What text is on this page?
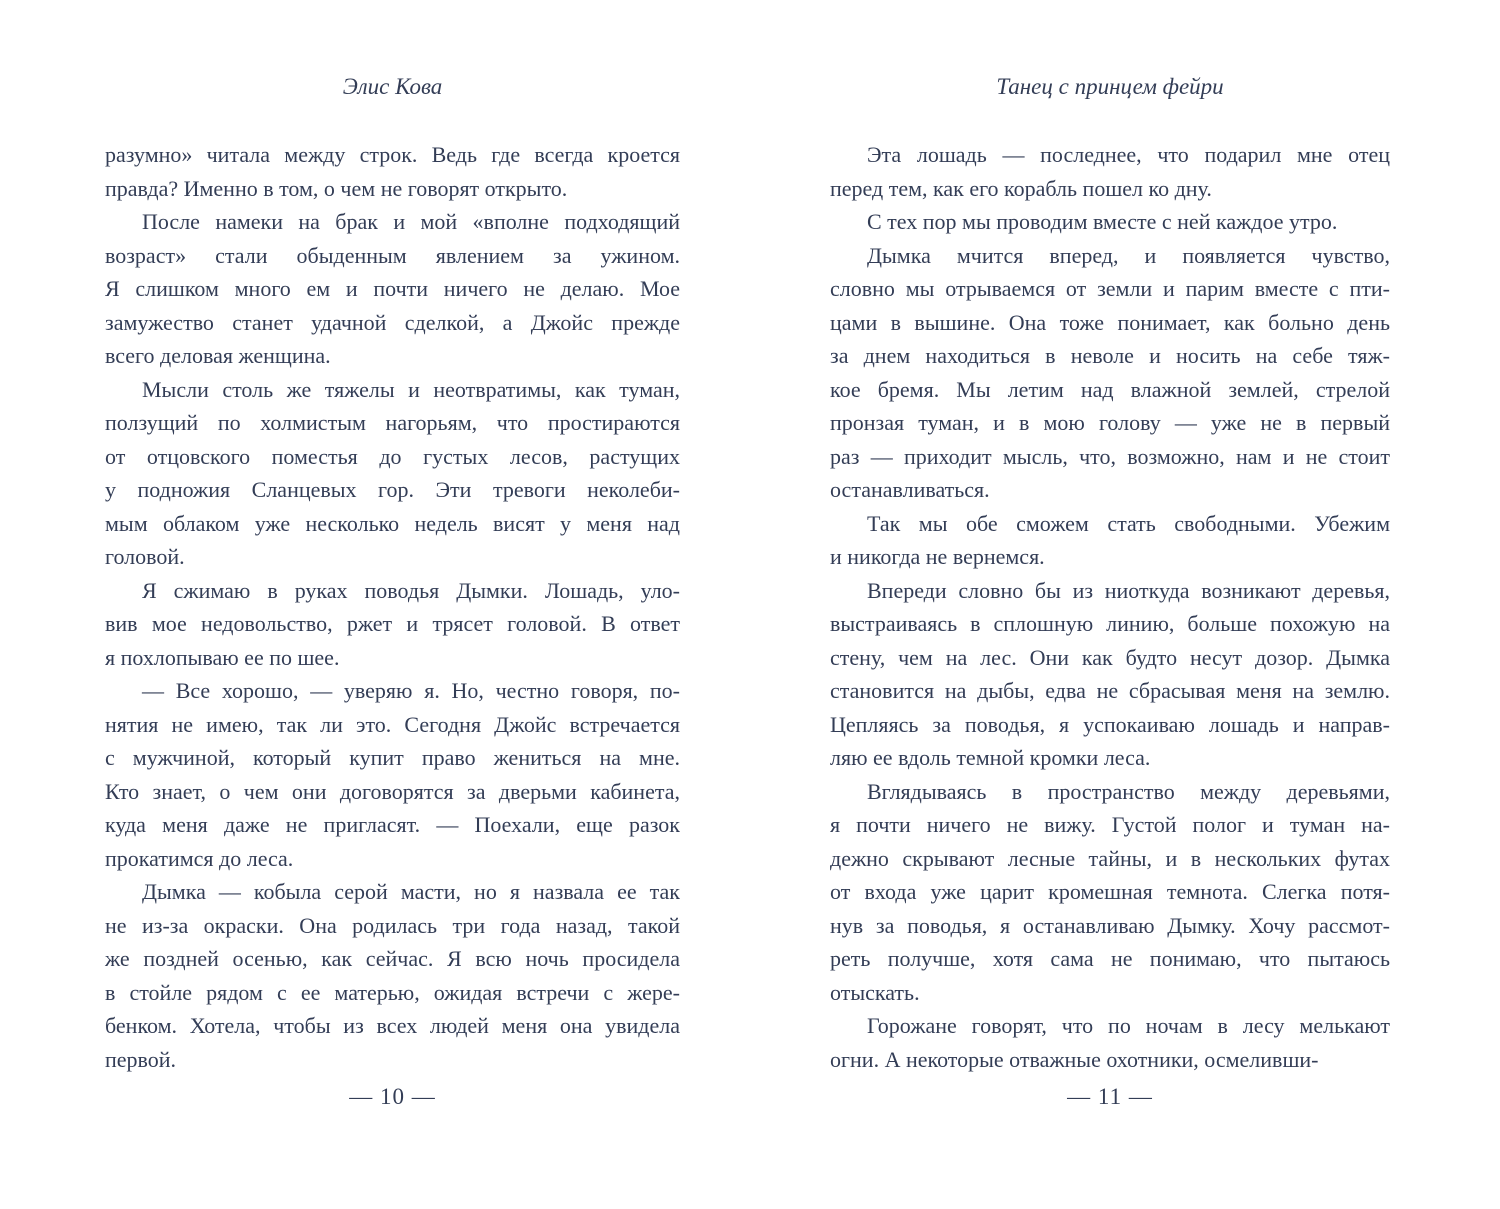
Элис Кова	Танец с принцем фейри
разумно» читала между строк. Ведь где всегда кроется
правда? Именно в том, о чем не говорят открыто.
После намеки на брак и мой «вполне подходящий
возраст» стали обыденным явлением за ужином.
Я слишком много ем и почти ничего не делаю. Мое
замужество станет удачной сделкой, а Джойс прежде
всего деловая женщина.
Мысли столь же тяжелы и неотвратимы, как туман,
ползущий по холмистым нагорьям, что простираются
от отцовского поместья до густых лесов, растущих
у подножия Сланцевых гор. Эти тревоги неколеби-
мым облаком уже несколько недель висят у меня над
головой.
Я сжимаю в руках поводья Дымки. Лошадь, уло-
вив мое недовольство, ржет и трясет головой. В ответ
я похлопываю ее по шее.
— Все хорошо, — уверяю я. Но, честно говоря, по-
нятия не имею, так ли это. Сегодня Джойс встречается
с мужчиной, который купит право жениться на мне.
Кто знает, о чем они договорятся за дверьми кабинета,
куда меня даже не пригласят. — Поехали, еще разок
прокатимся до леса.
Дымка — кобыла серой масти, но я назвала ее так
не из-за окраски. Она родилась три года назад, такой
же поздней осенью, как сейчас. Я всю ночь просидела
в стойле рядом с ее матерью, ожидая встречи с жере-
бенком. Хотела, чтобы из всех людей меня она увидела
первой.
Эта лошадь — последнее, что подарил мне отец
перед тем, как его корабль пошел ко дну.
С тех пор мы проводим вместе с ней каждое утро.
Дымка мчится вперед, и появляется чувство,
словно мы отрываемся от земли и парим вместе с пти-
цами в вышине. Она тоже понимает, как больно день
за днем находиться в неволе и носить на себе тяж-
кое бремя. Мы летим над влажной землей, стрелой
пронзая туман, и в мою голову — уже не в первый
раз — приходит мысль, что, возможно, нам и не стоит
останавливаться.
Так мы обе сможем стать свободными. Убежим
и никогда не вернемся.
Впереди словно бы из ниоткуда возникают деревья,
выстраиваясь в сплошную линию, больше похожую на
стену, чем на лес. Они как будто несут дозор. Дымка
становится на дыбы, едва не сбрасывая меня на землю.
Цепляясь за поводья, я успокаиваю лошадь и направ-
ляю ее вдоль темной кромки леса.
Вглядываясь в пространство между деревьями,
я почти ничего не вижу. Густой полог и туман на-
дежно скрывают лесные тайны, и в нескольких футах
от входа уже царит кромешная темнота. Слегка потя-
нув за поводья, я останавливаю Дымку. Хочу рассмот-
реть получше, хотя сама не понимаю, что пытаюсь
отыскать.
Горожане говорят, что по ночам в лесу мелькают
огни. А некоторые отважные охотники, осмеливши-
— 10 —	— 11 —
